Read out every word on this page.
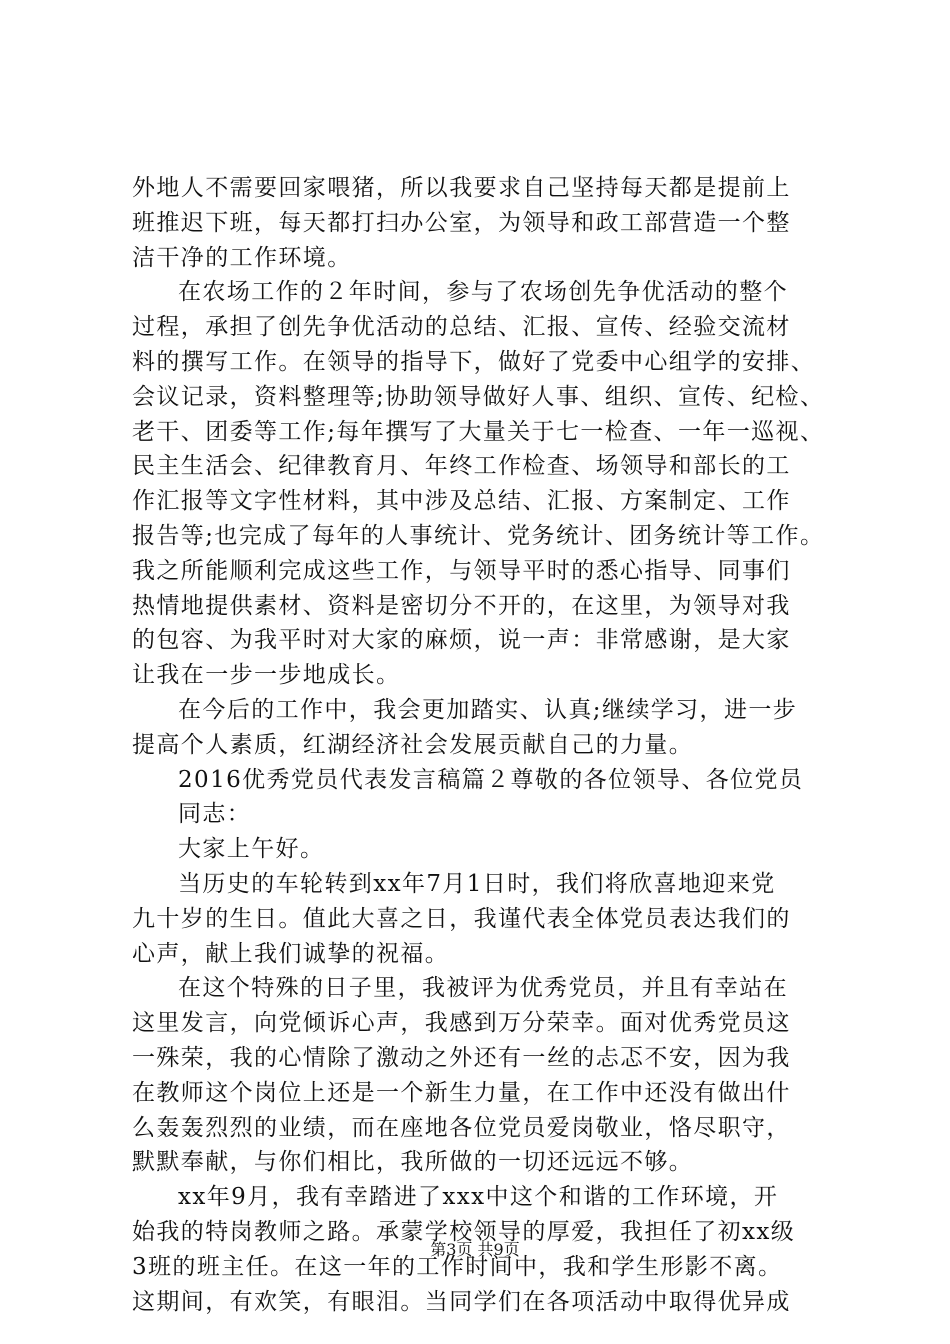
外地人不需要回家喂猪，所以我要求自己坚持每天都是提前上
班推迟下班，每天都打扫办公室，为领导和政工部营造一个整
洁干净的工作环境。
在农场工作的２年时间，参与了农场创先争优活动的整个
过程，承担了创先争优活动的总结、汇报、宣传、经验交流材
料的撰写工作。在领导的指导下，做好了党委中心组学的安排、
会议记录，资料整理等;协助领导做好人事、组织、宣传、纪检、
老干、团委等工作;每年撰写了大量关于七一检查、一年一巡视、
民主生活会、纪律教育月、年终工作检查、场领导和部长的工
作汇报等文字性材料，其中涉及总结、汇报、方案制定、工作
报告等;也完成了每年的人事统计、党务统计、团务统计等工作。
我之所能顺利完成这些工作，与领导平时的悉心指导、同事们
热情地提供素材、资料是密切分不开的，在这里，为领导对我
的包容、为我平时对大家的麻烦，说一声：非常感谢，是大家
让我在一步一步地成长。
在今后的工作中，我会更加踏实、认真;继续学习，进一步
提高个人素质，红湖经济社会发展贡献自己的力量。
2016优秀党员代表发言稿篇２尊敬的各位领导、各位党员
同志：
大家上午好。
当历史的车轮转到xx年7月1日时，我们将欣喜地迎来党
九十岁的生日。值此大喜之日，我谨代表全体党员表达我们的
心声，献上我们诚挚的祝福。
在这个特殊的日子里，我被评为优秀党员，并且有幸站在
这里发言，向党倾诉心声，我感到万分荣幸。面对优秀党员这
一殊荣，我的心情除了激动之外还有一丝的忐忑不安，因为我
在教师这个岗位上还是一个新生力量，在工作中还没有做出什
么轰轰烈烈的业绩，而在座地各位党员爱岗敬业，恪尽职守，
默默奉献，与你们相比，我所做的一切还远远不够。
xx年9月，我有幸踏进了xxx中这个和谐的工作环境，开
始我的特岗教师之路。承蒙学校领导的厚爱，我担任了初xx级
3班的班主任。在这一年的工作时间中，我和学生形影不离。
这期间，有欢笑，有眼泪。当同学们在各项活动中取得优异成
第3页 共9页
